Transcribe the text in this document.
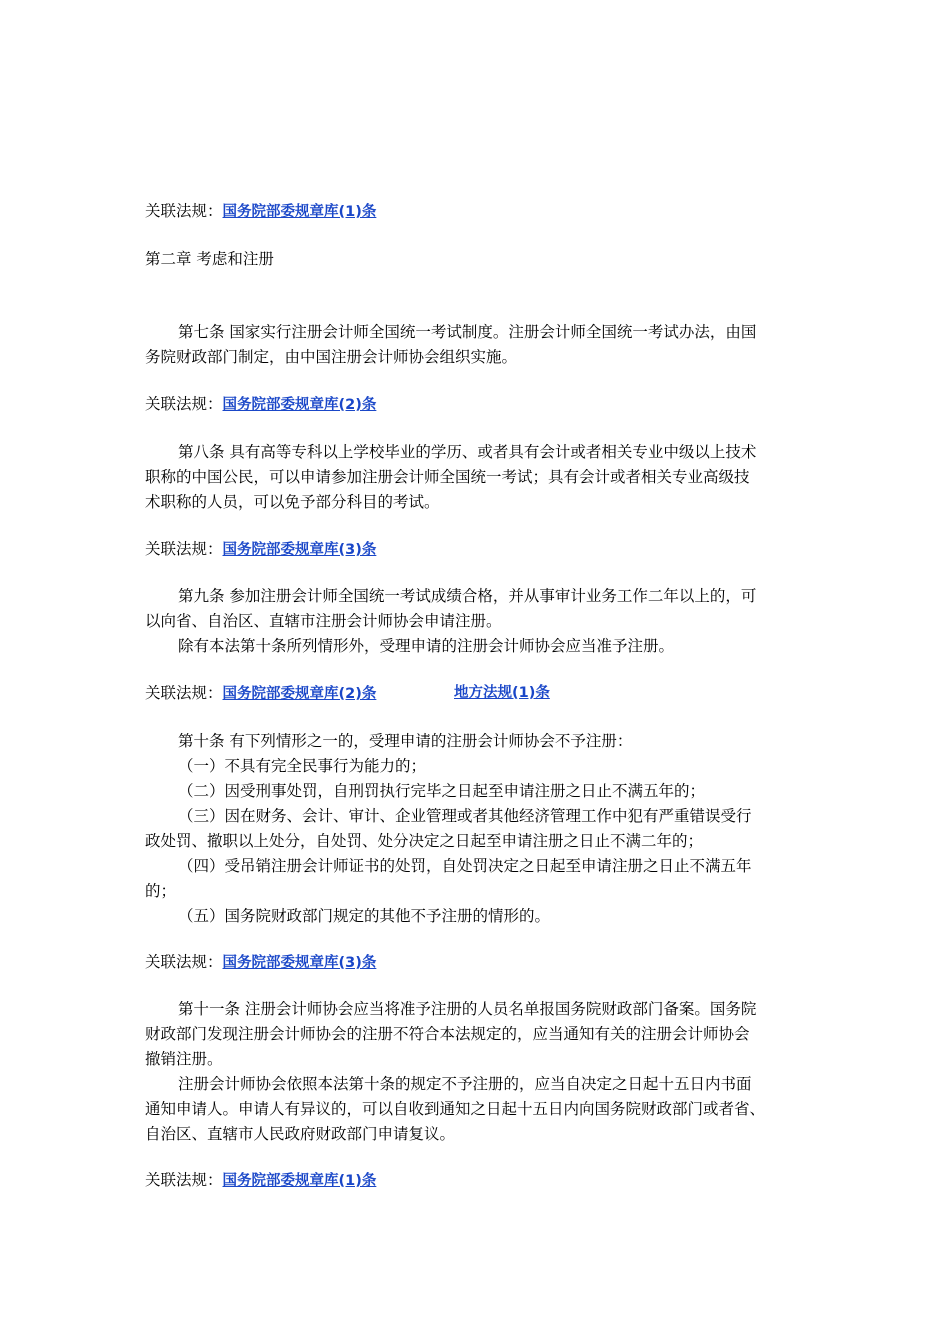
关联法规：国务院部委规章库(1)条
第二章 考虑和注册
第七条 国家实行注册会计师全国统一考试制度。注册会计师全国统一考试办法，由国
务院财政部门制定，由中国注册会计师协会组织实施。
关联法规：国务院部委规章库(2)条
第八条 具有高等专科以上学校毕业的学历、或者具有会计或者相关专业中级以上技术
职称的中国公民，可以申请参加注册会计师全国统一考试；具有会计或者相关专业高级技
术职称的人员，可以免予部分科目的考试。
关联法规：国务院部委规章库(3)条
第九条 参加注册会计师全国统一考试成绩合格，并从事审计业务工作二年以上的，可
以向省、自治区、直辖市注册会计师协会申请注册。
除有本法第十条所列情形外，受理申请的注册会计师协会应当准予注册。
关联法规：国务院部委规章库(2)条	地方法规(1)条
第十条 有下列情形之一的，受理申请的注册会计师协会不予注册：
（一）不具有完全民事行为能力的；
（二）因受刑事处罚，自刑罚执行完毕之日起至申请注册之日止不满五年的；
（三）因在财务、会计、审计、企业管理或者其他经济管理工作中犯有严重错误受行
政处罚、撤职以上处分，自处罚、处分决定之日起至申请注册之日止不满二年的；
（四）受吊销注册会计师证书的处罚，自处罚决定之日起至申请注册之日止不满五年
的；
（五）国务院财政部门规定的其他不予注册的情形的。
关联法规：国务院部委规章库(3)条
第十一条 注册会计师协会应当将准予注册的人员名单报国务院财政部门备案。国务院
财政部门发现注册会计师协会的注册不符合本法规定的，应当通知有关的注册会计师协会
撤销注册。
注册会计师协会依照本法第十条的规定不予注册的，应当自决定之日起十五日内书面
通知申请人。申请人有异议的，可以自收到通知之日起十五日内向国务院财政部门或者省、
自治区、直辖市人民政府财政部门申请复议。
关联法规：国务院部委规章库(1)条
